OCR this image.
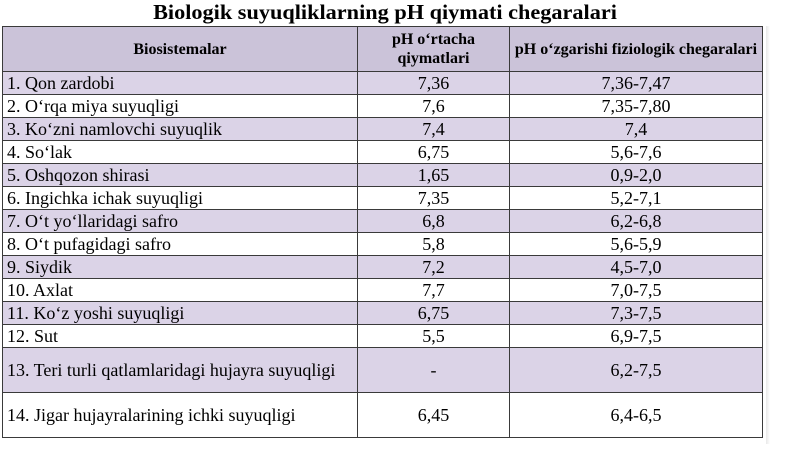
Biologik suyuqliklarning pH qiymati chegaralari
Biosistemalar	pH o‘rtacha qiymatlari	pH o‘zgarishi fiziologik chegaralari
1. Qon zardobi	7,36	7,36-7,47
2. O‘rqa miya suyuqligi	7,6	7,35-7,80
3. Ko‘zni namlovchi suyuqlik	7,4	7,4
4. So‘lak	6,75	5,6-7,6
5. Oshqozon shirasi	1,65	0,9-2,0
6. Ingichka ichak suyuqligi	7,35	5,2-7,1
7. O‘t yo‘llaridagi safro	6,8	6,2-6,8
8. O‘t pufagidagi safro	5,8	5,6-5,9
9. Siydik	7,2	4,5-7,0
10. Axlat	7,7	7,0-7,5
11. Ko‘z yoshi suyuqligi	6,75	7,3-7,5
12. Sut	5,5	6,9-7,5
13. Teri turli qatlamlaridagi hujayra suyuqligi	-	6,2-7,5
14. Jigar hujayralarining ichki suyuqligi	6,45	6,4-6,5
